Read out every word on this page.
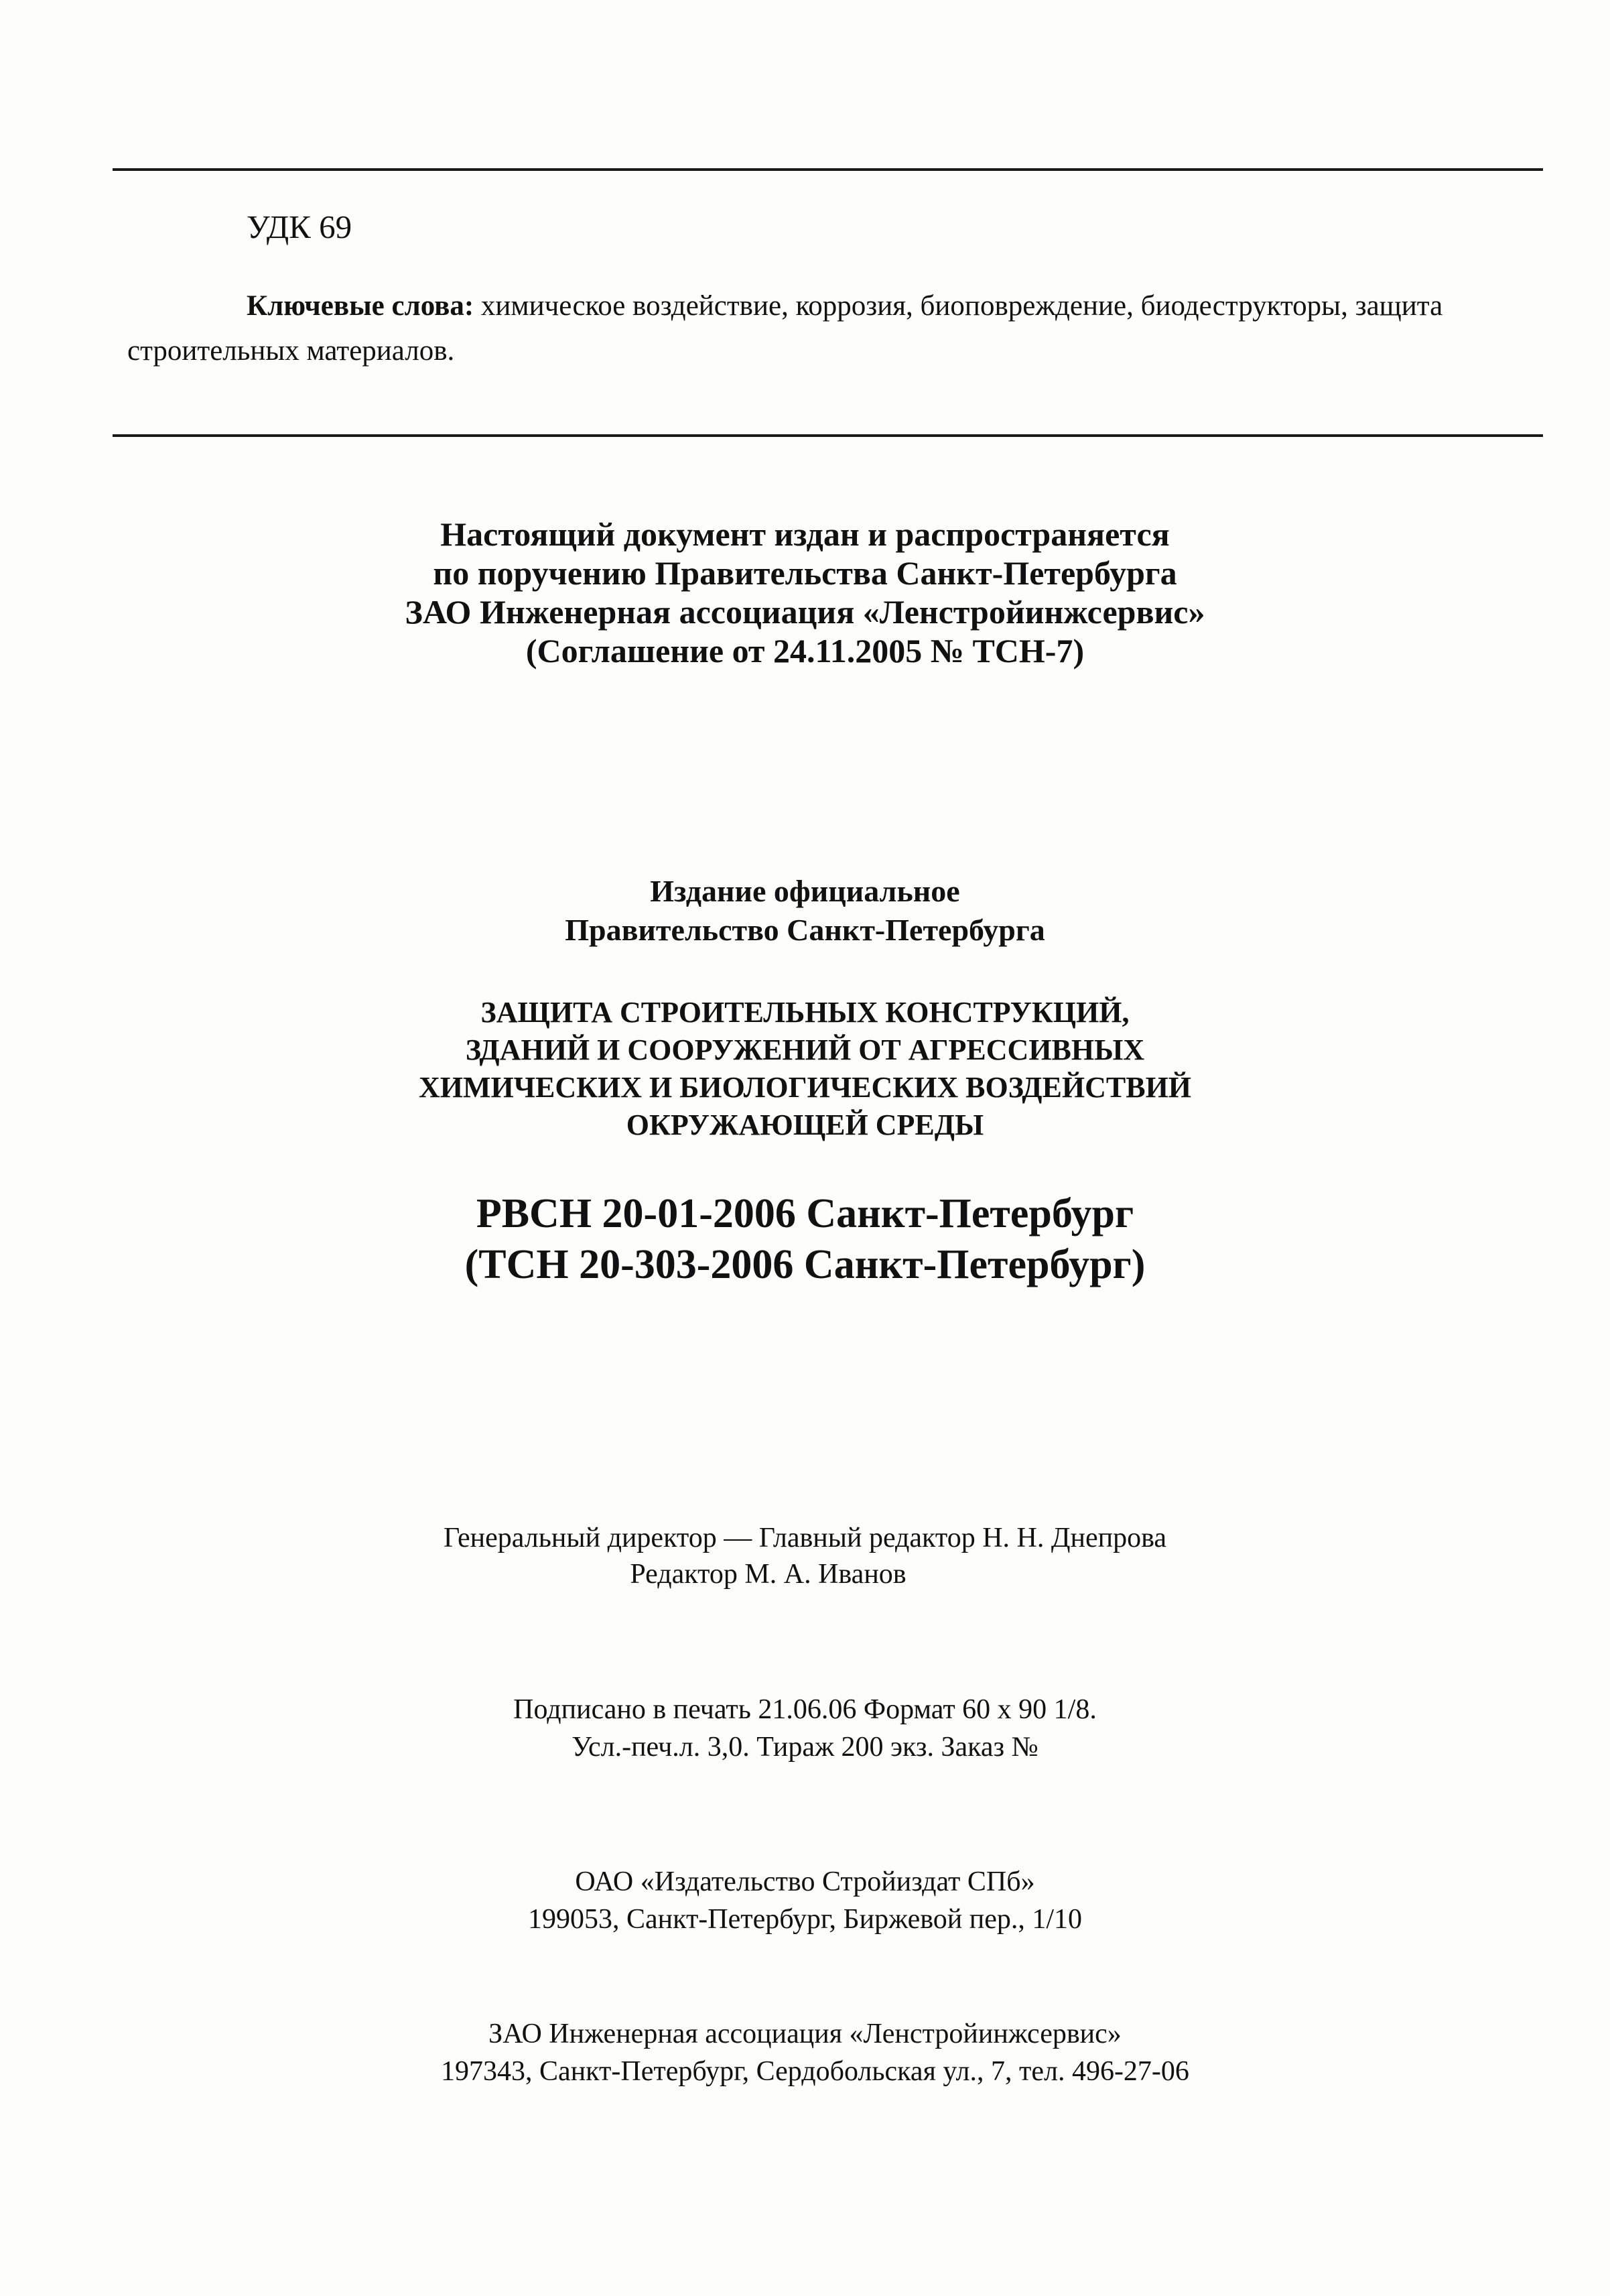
УДК 69

Ключевые слова: химическое воздействие, коррозия, биоповреждение, биодеструкторы, защита

строительных материалов.

Настоящий документ издан и распространяется
по поручению Правительства Санкт-Петербурга
ЗАО Инженерная ассоциация «Ленстройинжсервис»
(Соглашение от 24.11.2005 № ТСН-7)
Издание официальное
Правительство Санкт-Петербурга
ЗАЩИТА СТРОИТЕЛЬНЫХ КОНСТРУКЦИЙ,
ЗДАНИЙ И СООРУЖЕНИЙ ОТ АГРЕССИВНЫХ
ХИМИЧЕСКИХ И БИОЛОГИЧЕСКИХ ВОЗДЕЙСТВИЙ
ОКРУЖАЮЩЕЙ СРЕДЫ
РВСН 20-01-2006 Санкт-Петербург
(ТСН 20-303-2006 Санкт-Петербург)
Генеральный директор — Главный редактор Н. Н. Днепрова
Редактор М. А. Иванов
Подписано в печать 21.06.06 Формат 60 х 90 1/8.
Усл.-печ.л. 3,0. Тираж 200 экз. Заказ №
ОАО «Издательство Стройиздат СПб»
199053, Санкт-Петербург, Биржевой пер., 1/10
ЗАО Инженерная ассоциация «Ленстройинжсервис»
197343, Санкт-Петербург, Сердобольская ул., 7, тел. 496-27-06
